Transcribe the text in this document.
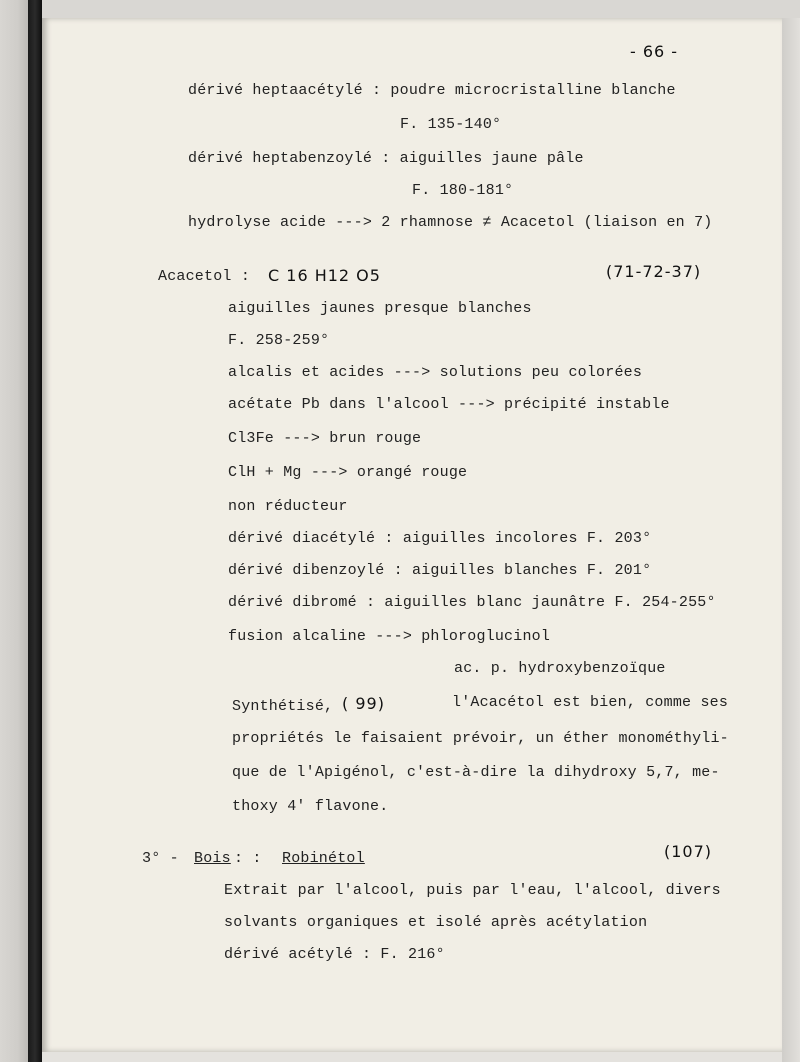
- 66 -
dérivé heptaacétylé : poudre microcristalline blanche
F. 135-140°
dérivé heptabenzoylé : aiguilles jaune pâle
F. 180-181°
hydrolyse acide ---> 2 rhamnose ≠ Acacetol (liaison en 7)
Acacetol : C 16 H12 O5	(71-72-37)
aiguilles jaunes presque blanches
F. 258-259°
alcalis et acides ---> solutions peu colorées
acétate Pb dans l'alcool ---> précipité instable
Cl3Fe ---> brun rouge
ClH + Mg ---> orangé rouge
non réducteur
dérivé diacétylé : aiguilles incolores F. 203°
dérivé dibenzoylé : aiguilles blanches F. 201°
dérivé dibromé : aiguilles blanc jaunâtre F. 254-255°
fusion alcaline ---> phloroglucinol
ac. p. hydroxybenzoïque
Synthétisé, ( 99)	l'Acacétol est bien, comme ses
propriétés le faisaient prévoir, un éther monométhyli-
que de l'Apigénol, c'est-à-dire la dihydroxy 5,7, me-
thoxy 4' flavone.
3° - Bois : : Robinétol	(107)
Extrait par l'alcool, puis par l'eau, l'alcool, divers
solvants organiques et isolé après acétylation
dérivé acétylé : F. 216°
